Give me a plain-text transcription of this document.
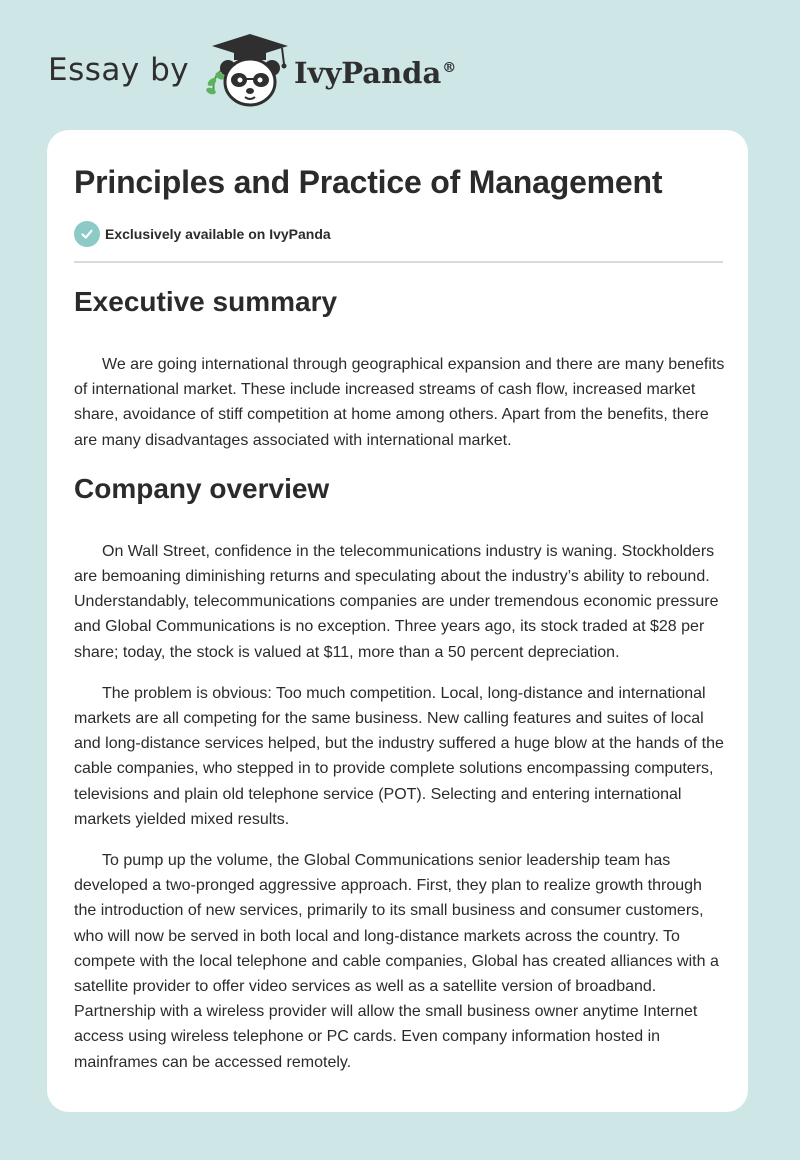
Essay by	IvyPanda®
Principles and Practice of Management
Exclusively available on IvyPanda
Executive summary

We are going international through geographical expansion and there are many benefits of international market. These include increased streams of cash flow, increased market share, avoidance of stiff competition at home among others. Apart from the benefits, there are many disadvantages associated with international market.

Company overview

On Wall Street, confidence in the telecommunications industry is waning. Stockholders are bemoaning diminishing returns and speculating about the industry’s ability to rebound. Understandably, telecommunications companies are under tremendous economic pressure and Global Communications is no exception. Three years ago, its stock traded at $28 per share; today, the stock is valued at $11, more than a 50 percent depreciation.

The problem is obvious: Too much competition. Local, long-distance and international markets are all competing for the same business. New calling features and suites of local and long-distance services helped, but the industry suffered a huge blow at the hands of the cable companies, who stepped in to provide complete solutions encompassing computers, televisions and plain old telephone service (POT). Selecting and entering international markets yielded mixed results.

To pump up the volume, the Global Communications senior leadership team has developed a two-pronged aggressive approach. First, they plan to realize growth through the introduction of new services, primarily to its small business and consumer customers, who will now be served in both local and long-distance markets across the country. To compete with the local telephone and cable companies, Global has created alliances with a satellite provider to offer video services as well as a satellite version of broadband. Partnership with a wireless provider will allow the small business owner anytime Internet access using wireless telephone or PC cards. Even company information hosted in mainframes can be accessed remotely.
